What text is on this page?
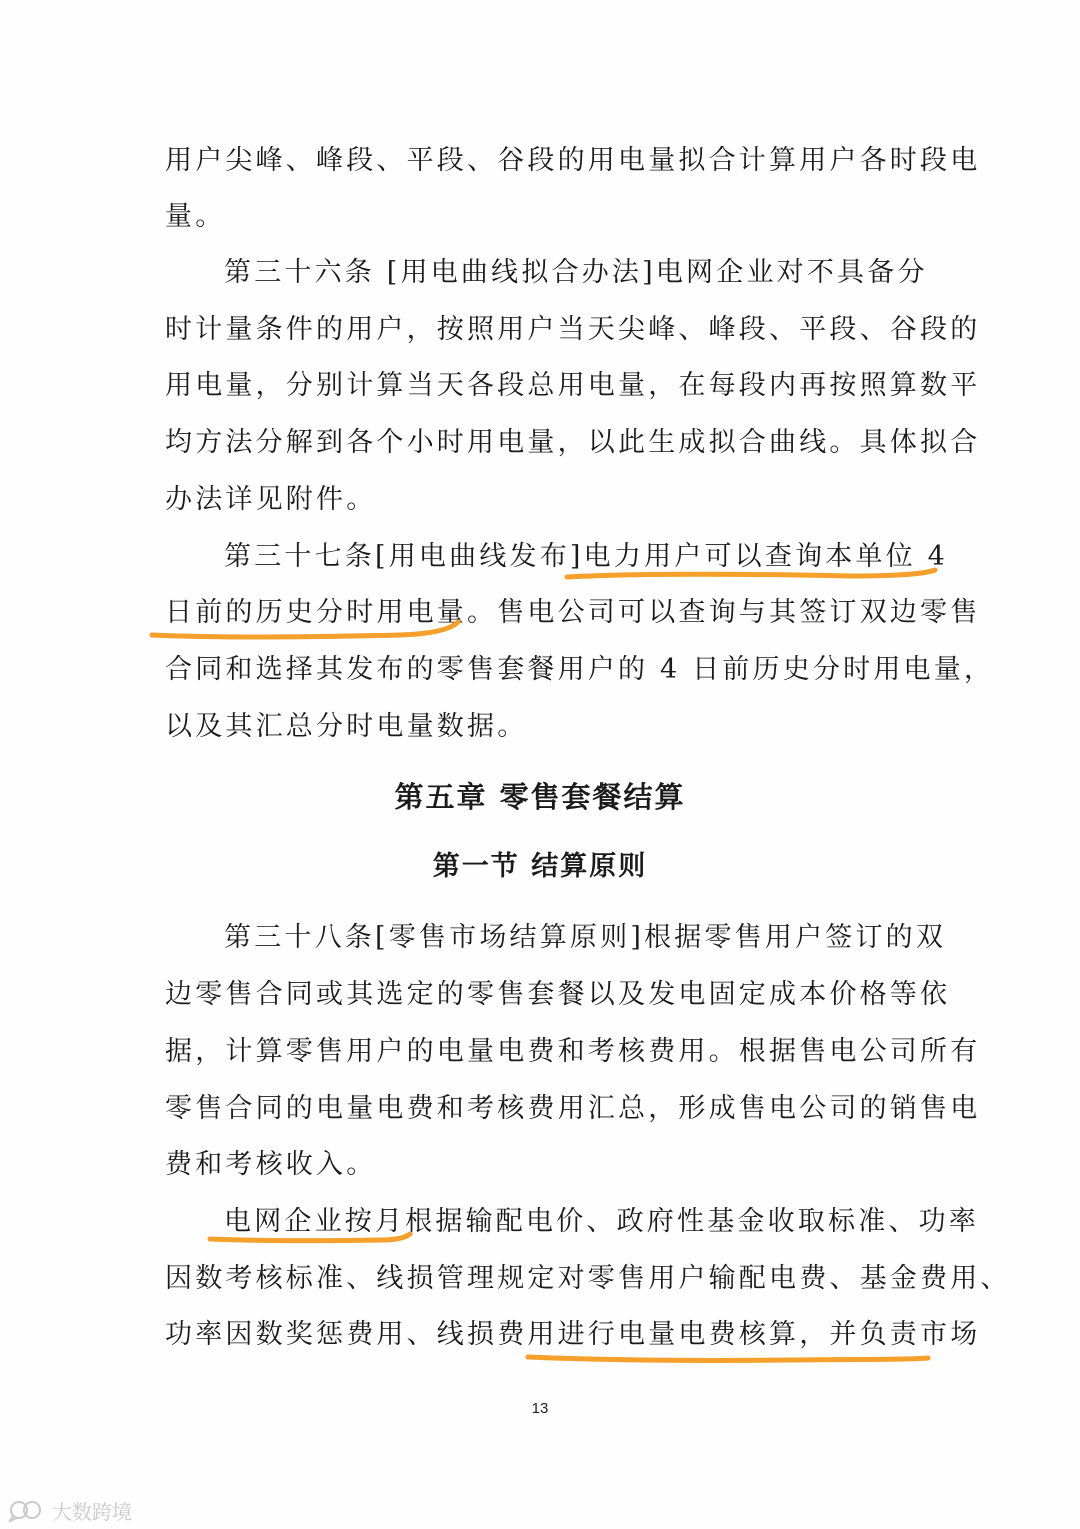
用户尖峰、峰段、平段、谷段的用电量拟合计算用户各时段电
量。
第三十六条 [用电曲线拟合办法]电网企业对不具备分
时计量条件的用户，按照用户当天尖峰、峰段、平段、谷段的
用电量，分别计算当天各段总用电量，在每段内再按照算数平
均方法分解到各个小时用电量，以此生成拟合曲线。具体拟合
办法详见附件。
第三十七条[用电曲线发布]电力用户可以查询本单位 4
日前的历史分时用电量。售电公司可以查询与其签订双边零售
合同和选择其发布的零售套餐用户的 4 日前历史分时用电量，
以及其汇总分时电量数据。
第五章 零售套餐结算
第一节 结算原则
第三十八条[零售市场结算原则]根据零售用户签订的双
边零售合同或其选定的零售套餐以及发电固定成本价格等依
据，计算零售用户的电量电费和考核费用。根据售电公司所有
零售合同的电量电费和考核费用汇总，形成售电公司的销售电
费和考核收入。
电网企业按月根据输配电价、政府性基金收取标准、功率
因数考核标准、线损管理规定对零售用户输配电费、基金费用、
功率因数奖惩费用、线损费用进行电量电费核算，并负责市场
13
大数跨境
